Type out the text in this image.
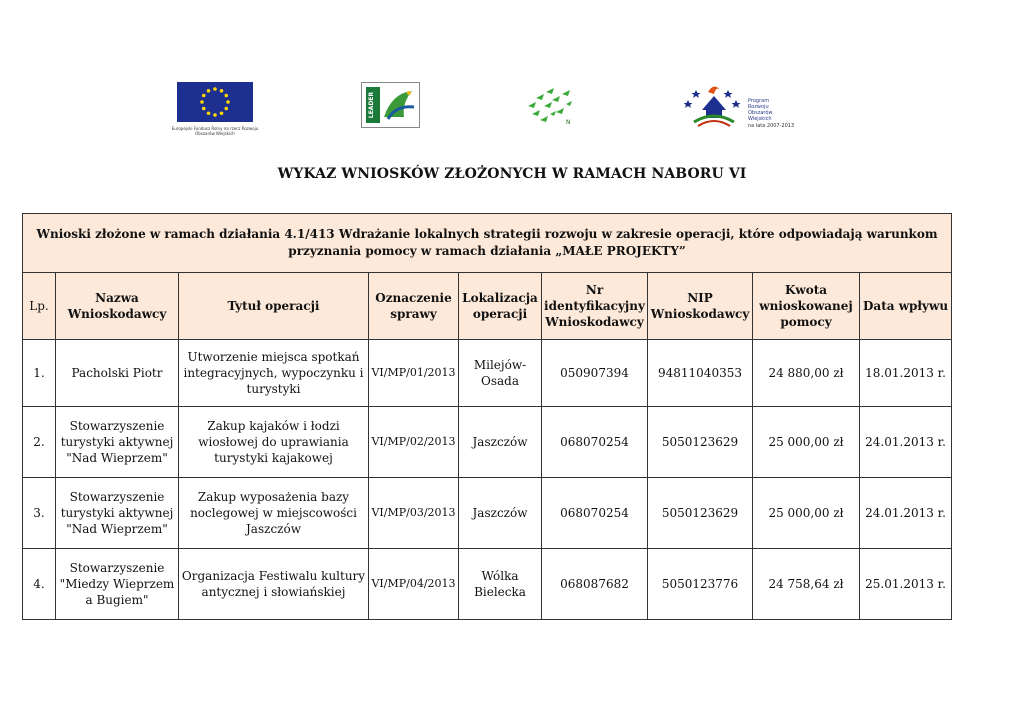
Europejski Fundusz Rolny na rzecz Rozwoju Obszarów Wiejskich
LEADER
N
Program
Rozwoju
Obszarów
Wiejskich
na lata 2007-2013
WYKAZ WNIOSKÓW ZŁOŻONYCH W RAMACH NABORU VI
Wnioski złożone w ramach działania 4.1/413 Wdrażanie lokalnych strategii rozwoju w zakresie operacji, które odpowiadają warunkom przyznania pomocy w ramach działania „MAŁE PROJEKTY”								
Lp.	Nazwa Wnioskodawcy	Tytuł operacji	Oznaczenie sprawy	Lokalizacja operacji	Nr identyfikacyjny Wnioskodawcy	NIP Wnioskodawcy	Kwota wnioskowanej pomocy	Data wpływu
1.	Pacholski Piotr	Utworzenie miejsca spotkań integracyjnych, wypoczynku i turystyki	VI/MP/01/2013	Milejów-Osada	050907394	94811040353	24 880,00 zł	18.01.2013 r.
2.	Stowarzyszenie turystyki aktywnej "Nad Wieprzem"	Zakup kajaków i łodzi wiosłowej do uprawiania turystyki kajakowej	VI/MP/02/2013	Jaszczów	068070254	5050123629	25 000,00 zł	24.01.2013 r.
3.	Stowarzyszenie turystyki aktywnej "Nad Wieprzem"	Zakup wyposażenia bazy noclegowej w miejscowości Jaszczów	VI/MP/03/2013	Jaszczów	068070254	5050123629	25 000,00 zł	24.01.2013 r.
4.	Stowarzyszenie "Miedzy Wieprzem a Bugiem"	Organizacja Festiwalu kultury antycznej i słowiańskiej	VI/MP/04/2013	Wólka Bielecka	068087682	5050123776	24 758,64 zł	25.01.2013 r.
